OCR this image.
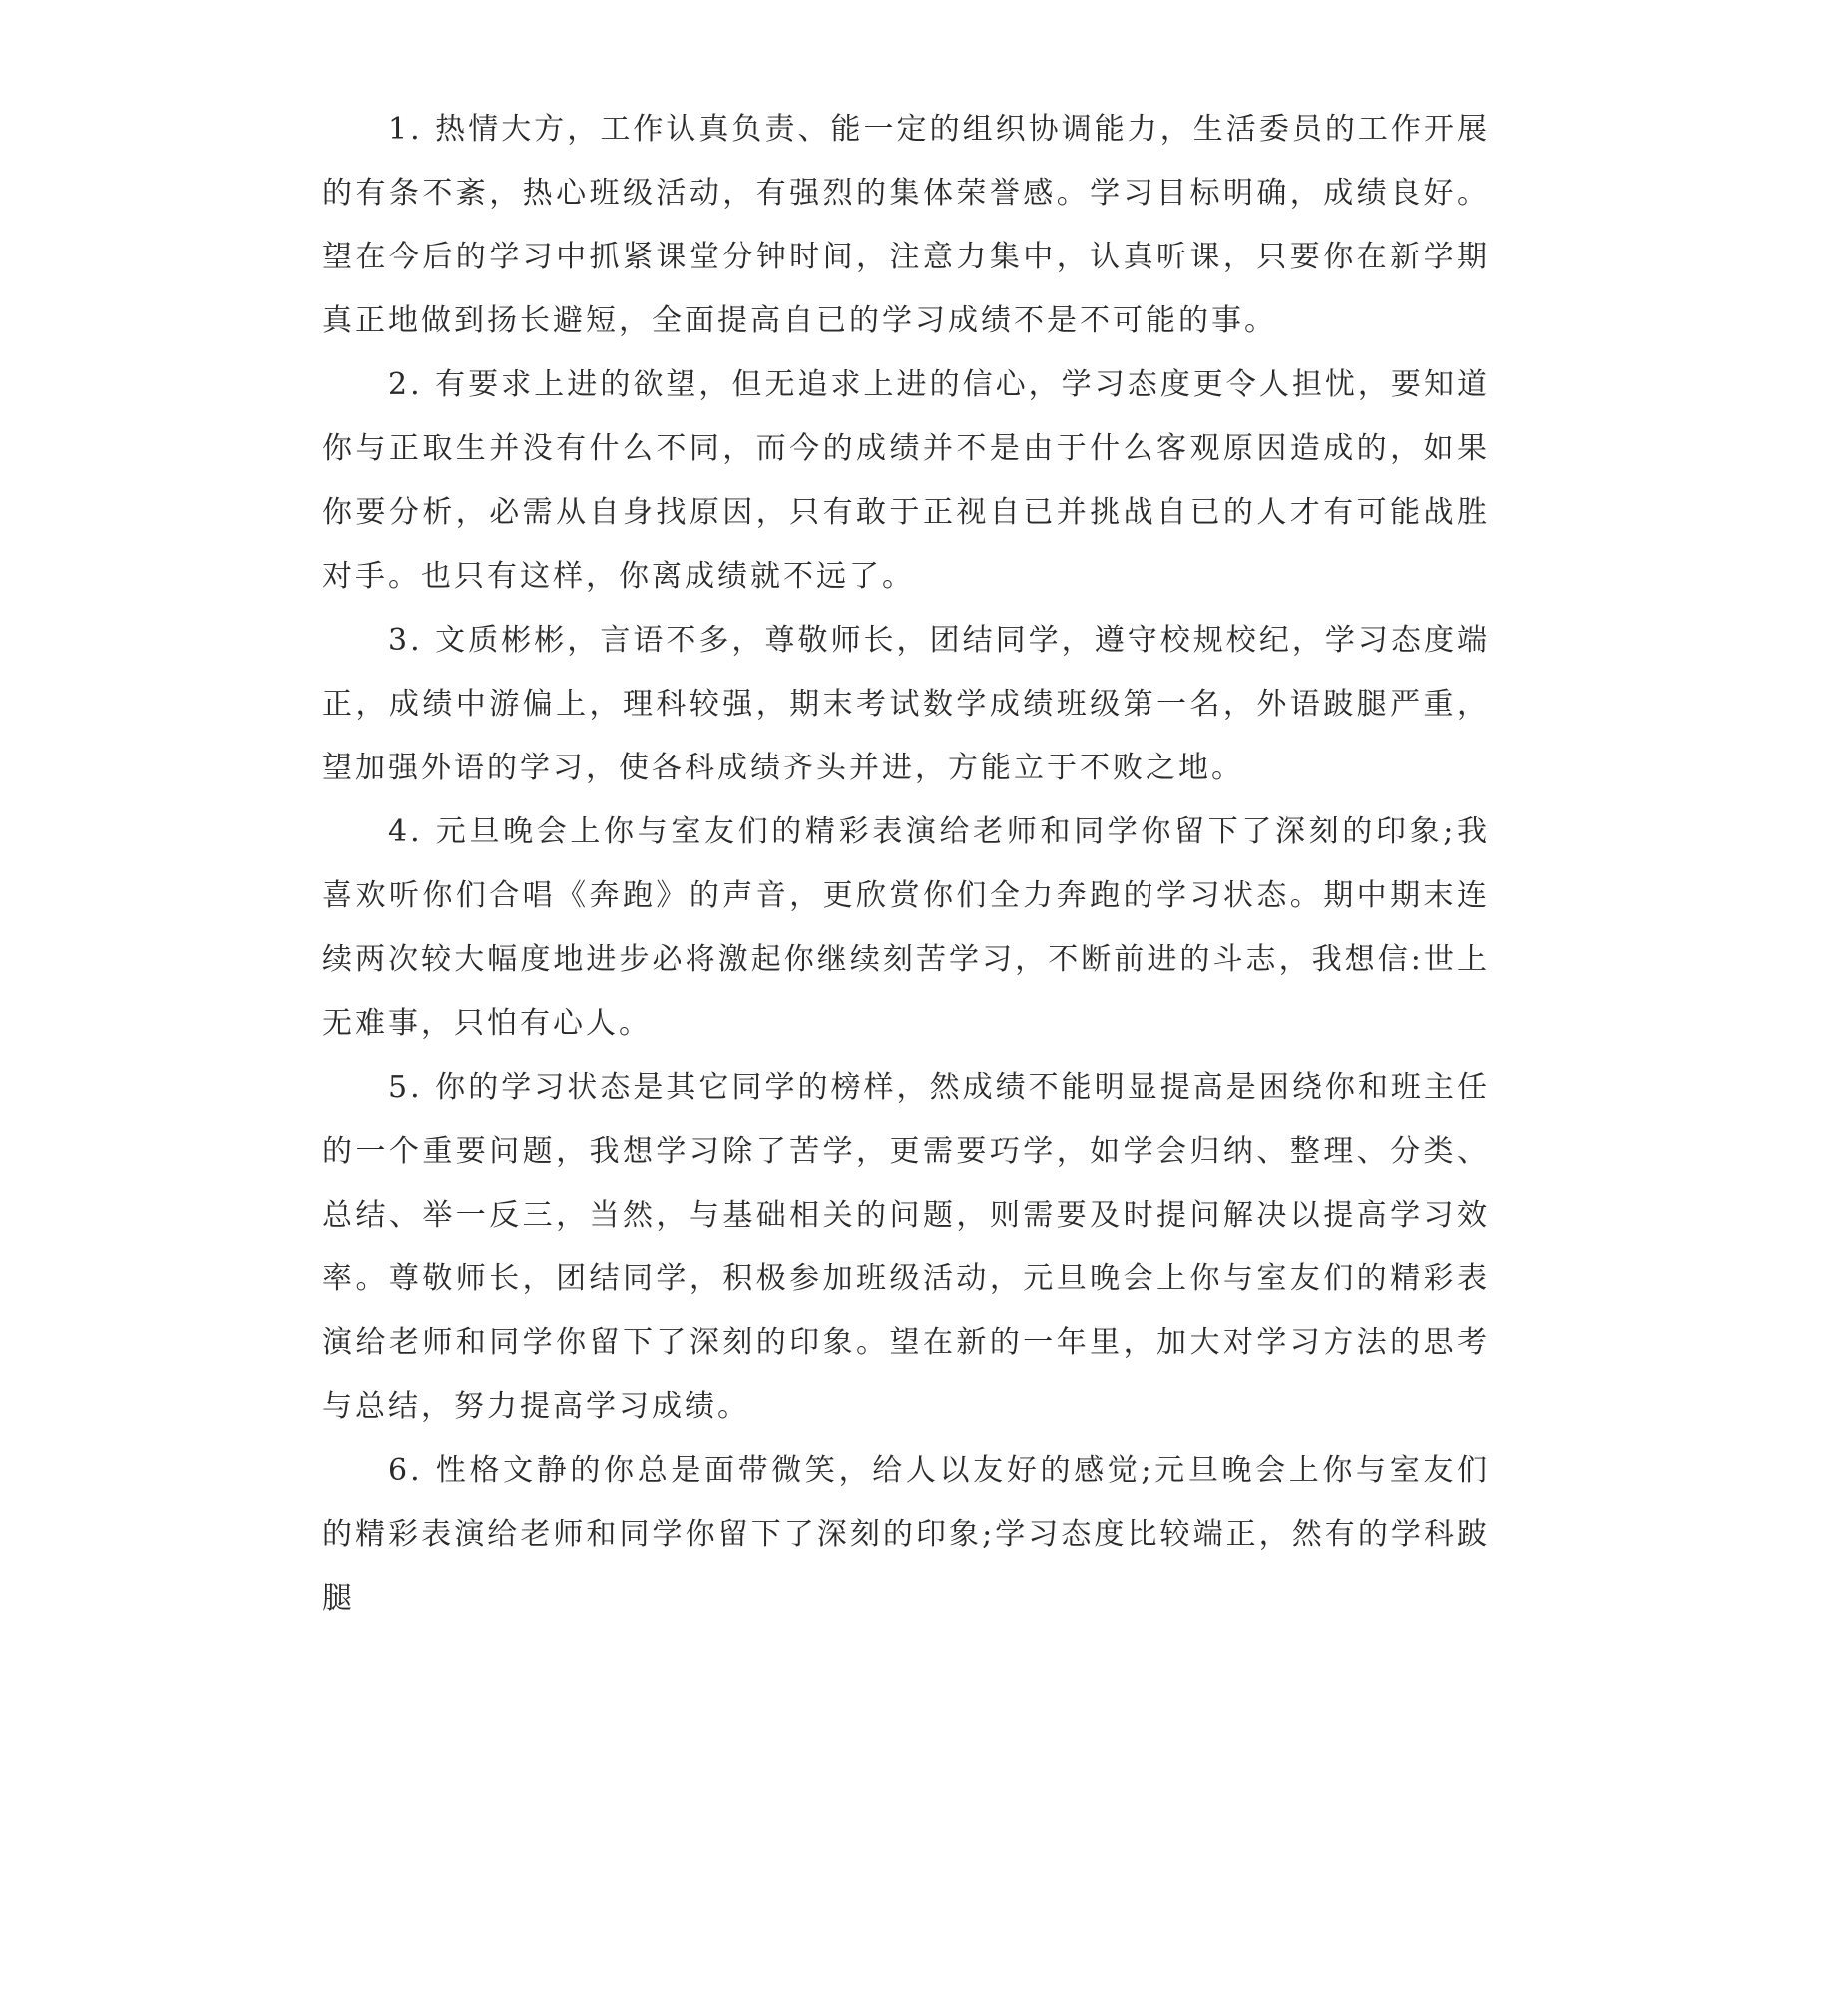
1. 热情大方，工作认真负责、能一定的组织协调能力，生活委员的工作开展的有条不紊，热心班级活动，有强烈的集体荣誉感。学习目标明确，成绩良好。望在今后的学习中抓紧课堂分钟时间，注意力集中，认真听课，只要你在新学期真正地做到扬长避短，全面提高自已的学习成绩不是不可能的事。

2. 有要求上进的欲望，但无追求上进的信心，学习态度更令人担忧，要知道你与正取生并没有什么不同，而今的成绩并不是由于什么客观原因造成的，如果你要分析，必需从自身找原因，只有敢于正视自已并挑战自已的人才有可能战胜对手。也只有这样，你离成绩就不远了。

3. 文质彬彬，言语不多，尊敬师长，团结同学，遵守校规校纪，学习态度端正，成绩中游偏上，理科较强，期末考试数学成绩班级第一名，外语跛腿严重，望加强外语的学习，使各科成绩齐头并进，方能立于不败之地。

4. 元旦晚会上你与室友们的精彩表演给老师和同学你留下了深刻的印象;我喜欢听你们合唱《奔跑》的声音，更欣赏你们全力奔跑的学习状态。期中期末连续两次较大幅度地进步必将激起你继续刻苦学习，不断前进的斗志，我想信:世上无难事，只怕有心人。

5. 你的学习状态是其它同学的榜样，然成绩不能明显提高是困绕你和班主任的一个重要问题，我想学习除了苦学，更需要巧学，如学会归纳、整理、分类、总结、举一反三，当然，与基础相关的问题，则需要及时提问解决以提高学习效率。尊敬师长，团结同学，积极参加班级活动，元旦晚会上你与室友们的精彩表演给老师和同学你留下了深刻的印象。望在新的一年里，加大对学习方法的思考与总结，努力提高学习成绩。

6. 性格文静的你总是面带微笑，给人以友好的感觉;元旦晚会上你与室友们的精彩表演给老师和同学你留下了深刻的印象;学习态度比较端正，然有的学科跛腿
